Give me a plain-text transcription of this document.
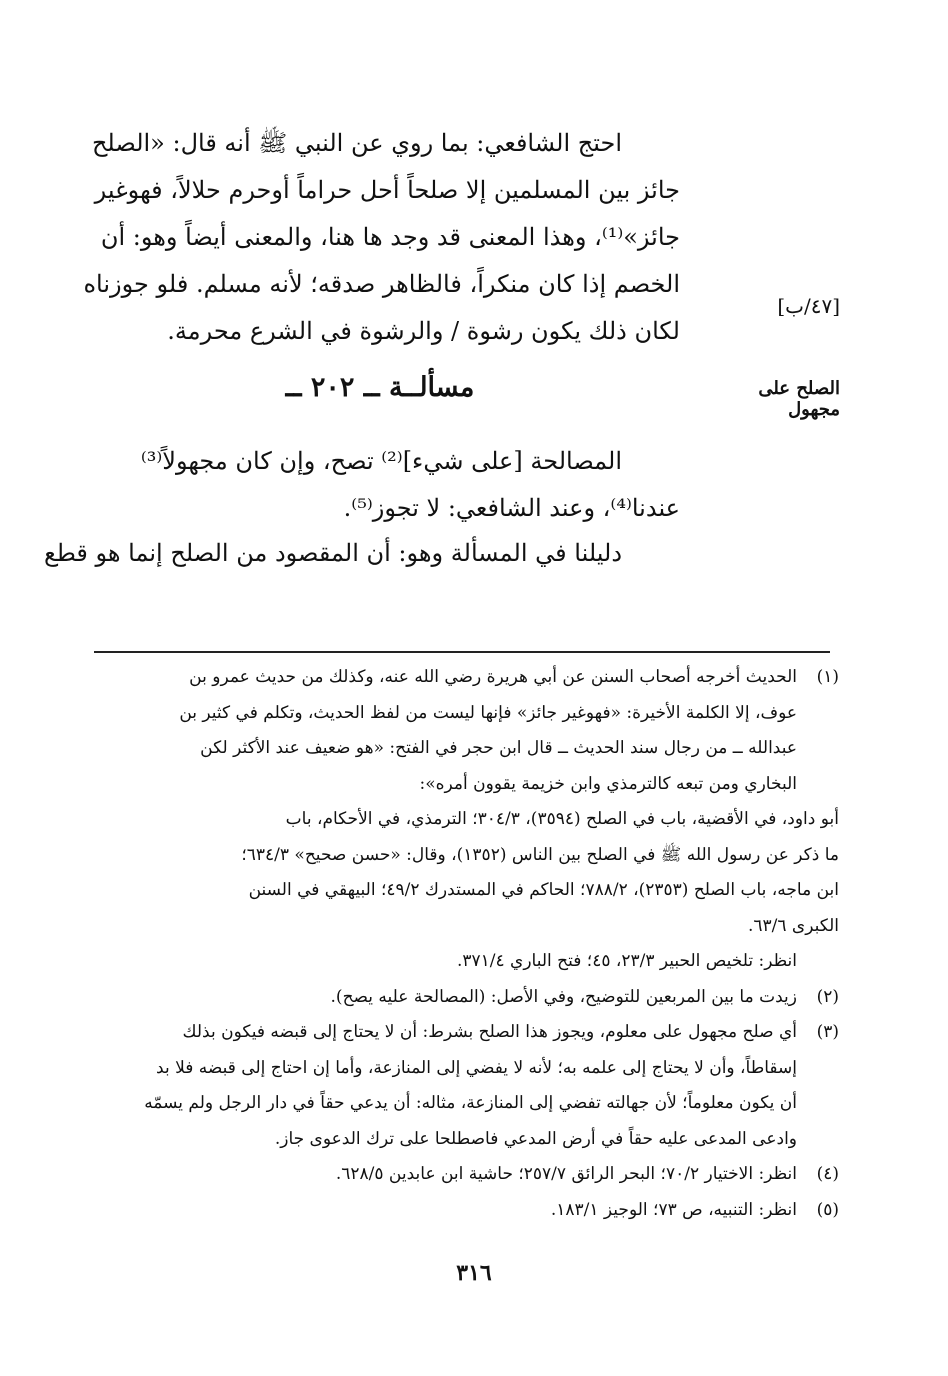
احتج الشافعي: بما روي عن النبي ﷺ أنه قال: «الصلح
جائز بين المسلمين إلا صلحاً أحل حراماً أوحرم حلالاً، فهوغير
جائز»⁽¹⁾، وهذا المعنى قد وجد ها هنا، والمعنى أيضاً وهو: أن
الخصم إذا كان منكراً، فالظاهر صدقه؛ لأنه مسلم. فلو جوزناه
لكان ذلك يكون رشوة / والرشوة في الشرع محرمة.
[٤٧/ب]
الصلح على مجهول
مسألــة ــ ٢٠٢ ــ
المصالحة [على شيء]⁽²⁾ تصح، وإن كان مجهولاً⁽³⁾
عندنا⁽⁴⁾، وعند الشافعي: لا تجوز⁽⁵⁾.
دليلنا في المسألة وهو: أن المقصود من الصلح إنما هو قطع
(١)
الحديث أخرجه أصحاب السنن عن أبي هريرة رضي الله عنه، وكذلك من حديث عمرو بن
عوف، إلا الكلمة الأخيرة: «فهوغير جائز» فإنها ليست من لفظ الحديث، وتكلم في كثير بن
عبدالله ــ من رجال سند الحديث ــ قال ابن حجر في الفتح: «هو ضعيف عند الأكثر لكن
البخاري ومن تبعه كالترمذي وابن خزيمة يقوون أمره»:
أبو داود، في الأقضية، باب في الصلح (٣٥٩٤)، ٣٠٤/٣؛ الترمذي، في الأحكام، باب
ما ذكر عن رسول الله ﷺ في الصلح بين الناس (١٣٥٢)، وقال: «حسن صحيح» ٦٣٤/٣؛
ابن ماجه، باب الصلح (٢٣٥٣)، ٧٨٨/٢؛ الحاكم في المستدرك ٤٩/٢؛ البيهقي في السنن
الكبرى ٦٣/٦.
انظر: تلخيص الحبير ٢٣/٣، ٤٥؛ فتح الباري ٣٧١/٤.
(٢)
زيدت ما بين المربعين للتوضيح، وفي الأصل: (المصالحة عليه يصح).
(٣)
أي صلح مجهول على معلوم، ويجوز هذا الصلح بشرط: أن لا يحتاج إلى قبضه فيكون بذلك
إسقاطاً، وأن لا يحتاج إلى علمه به؛ لأنه لا يفضي إلى المنازعة، وأما إن احتاج إلى قبضه فلا بد
أن يكون معلوماً؛ لأن جهالته تفضي إلى المنازعة، مثاله: أن يدعي حقاً في دار الرجل ولم يسمّه
وادعى المدعى عليه حقاً في أرض المدعي فاصطلحا على ترك الدعوى جاز.
(٤)
انظر: الاختيار ٧٠/٢؛ البحر الرائق ٢٥٧/٧؛ حاشية ابن عابدين ٦٢٨/٥.
(٥)
انظر: التنبيه، ص ٧٣؛ الوجيز ١٨٣/١.
٣١٦
